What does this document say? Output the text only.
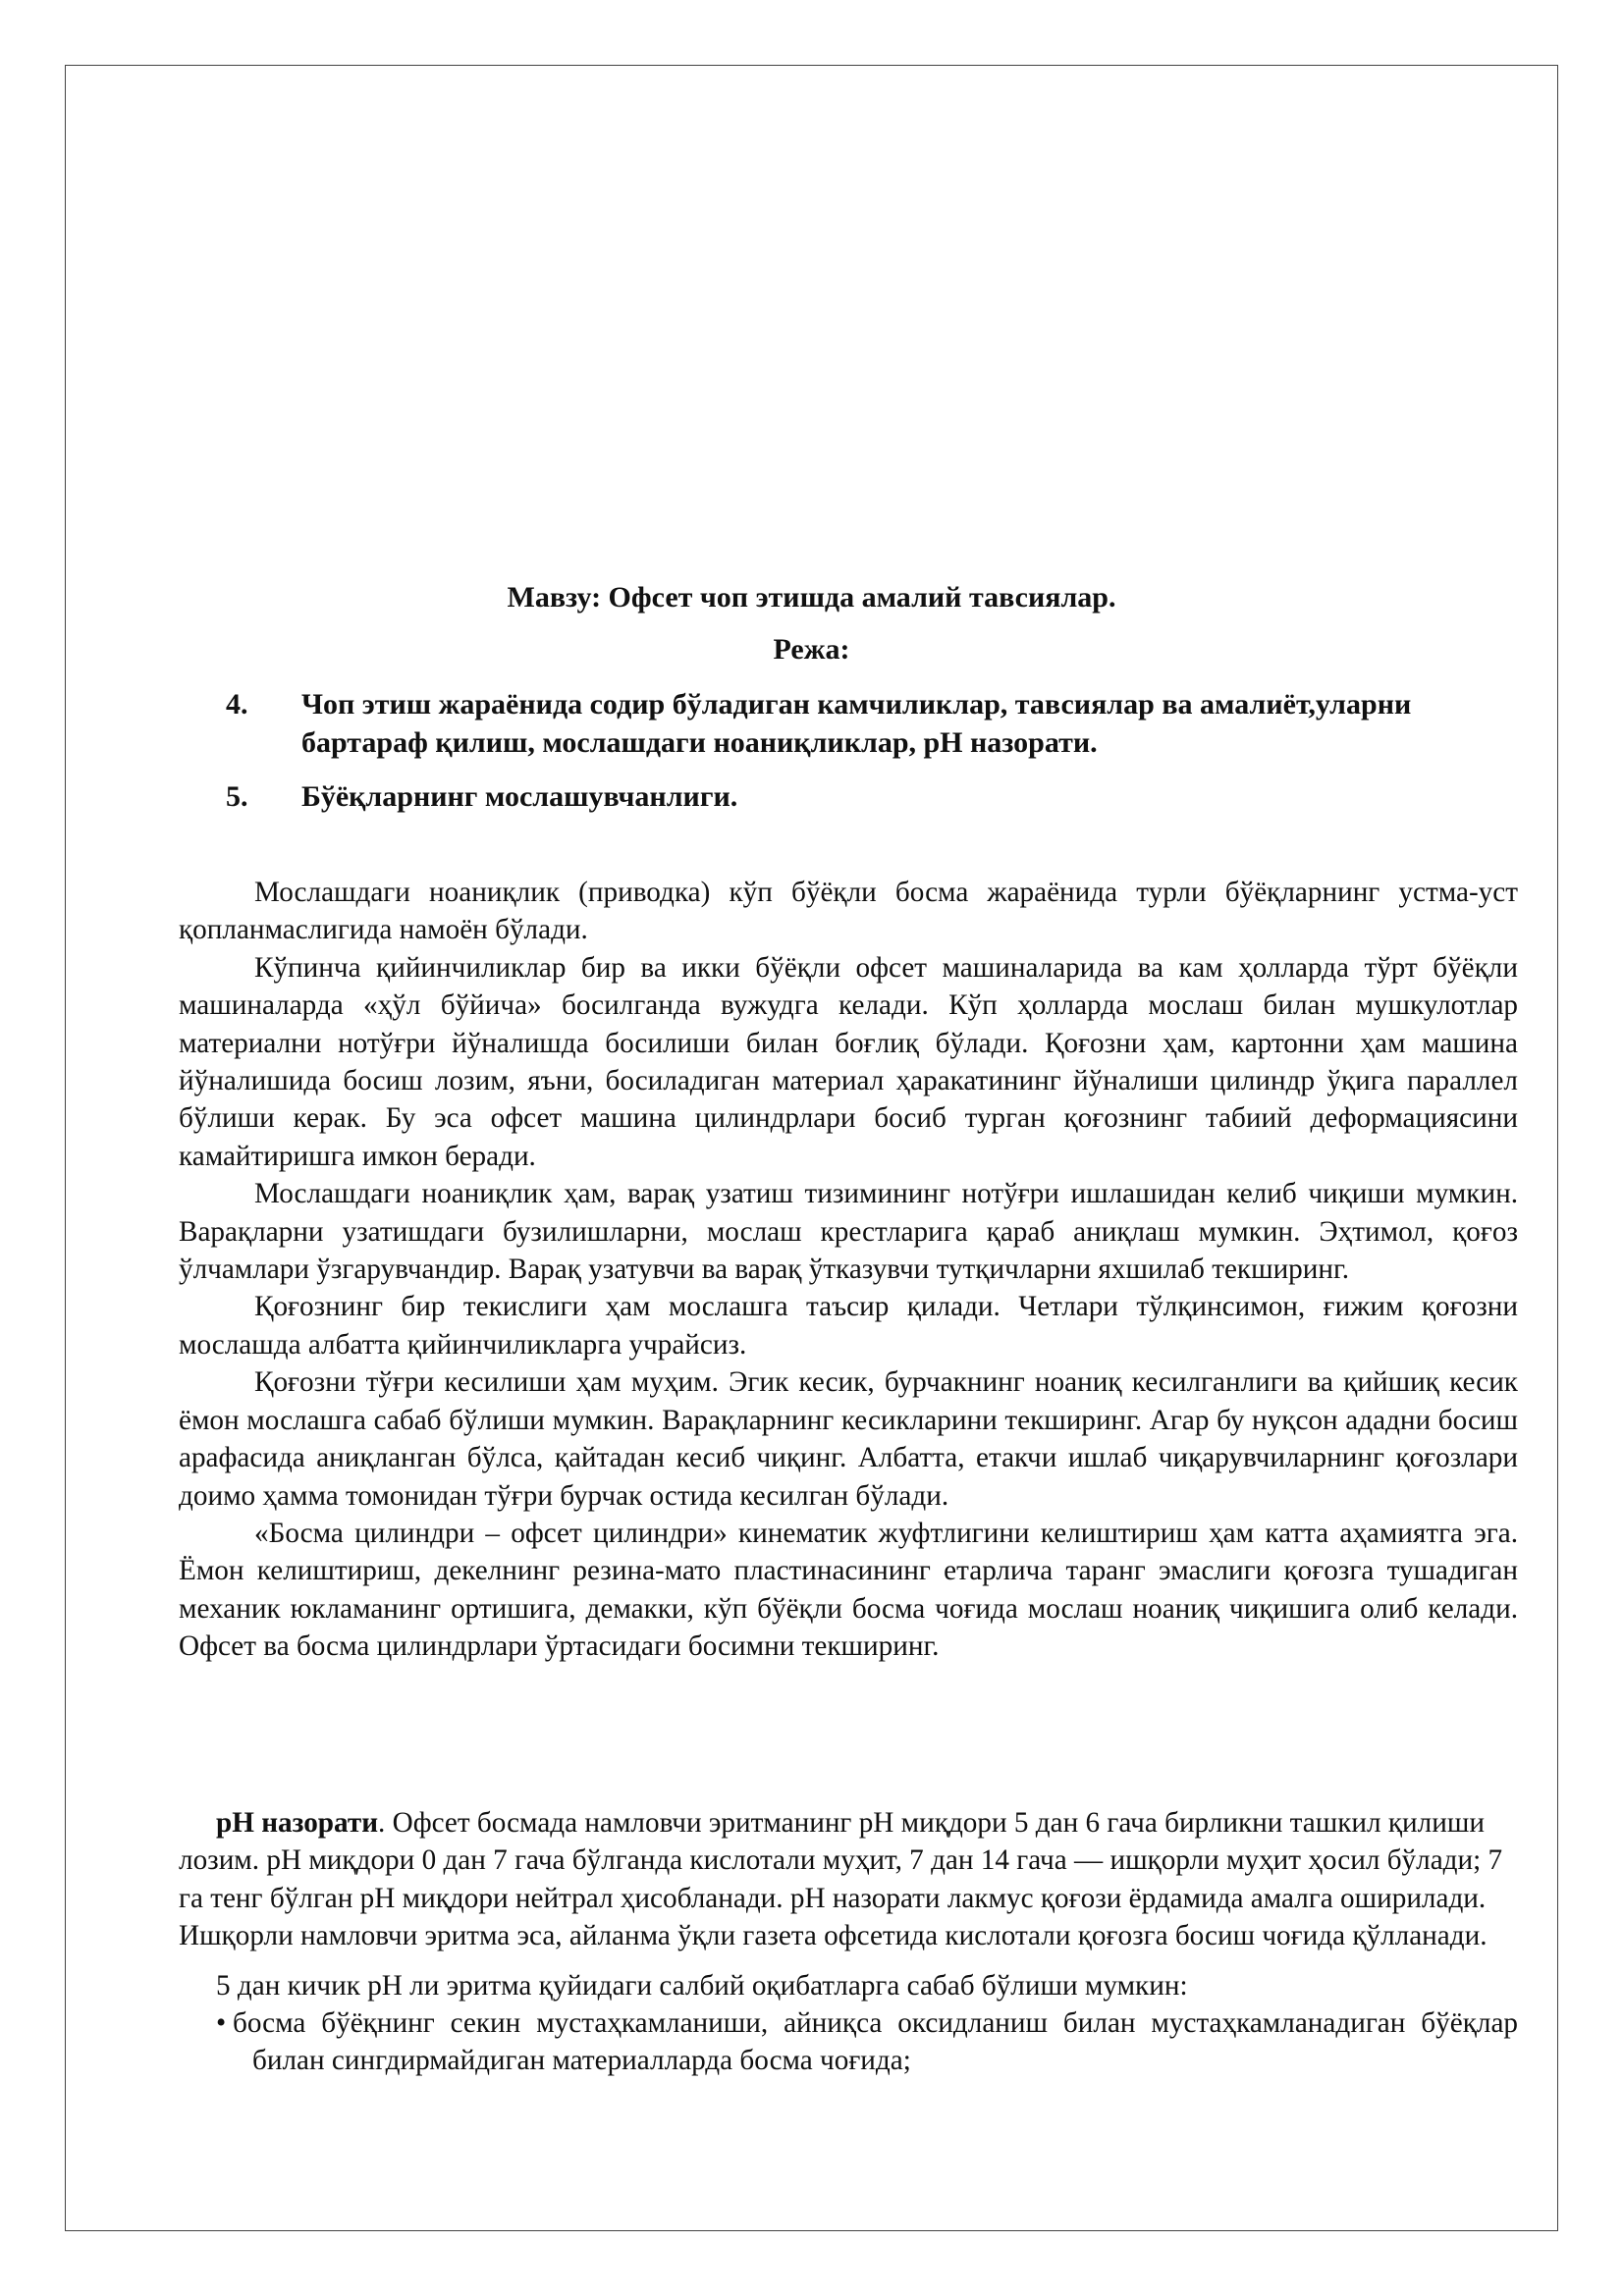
Мавзу: Офсет чоп этишда амалий тавсиялар.
Режа:
4.	Чоп этиш жараёнида содир бўладиган камчиликлар, тавсиялар ва амалиёт,уларни бартараф қилиш, мослашдаги ноаниқликлар, pH назорати.
5.	Бўёқларнинг мослашувчанлиги.

Мослашдаги ноаниқлик (приводка) кўп бўёқли босма жараёнида турли бўёқларнинг устма-уст қопланмаслигида намоён бўлади.

Кўпинча қийинчиликлар бир ва икки бўёқли офсет машиналарида ва кам ҳолларда тўрт бўёқли машиналарда «ҳўл бўйича» босилганда вужудга келади. Кўп ҳолларда мослаш билан мушкулотлар материални нотўғри йўналишда босилиши билан боғлиқ бўлади. Қоғозни ҳам, картонни ҳам машина йўналишида босиш лозим, яъни, босиладиган материал ҳаракатининг йўналиши цилиндр ўқига параллел бўлиши керак. Бу эса офсет машина цилиндрлари босиб турган қоғознинг табиий деформациясини камайтиришга имкон беради.

Мослашдаги ноаниқлик ҳам, варақ узатиш тизимининг нотўғри ишлашидан келиб чиқиши мумкин. Варақларни узатишдаги бузилишларни, мослаш крестларига қараб аниқлаш мумкин. Эҳтимол, қоғоз ўлчамлари ўзгарувчандир. Варақ узатувчи ва варақ ўтказувчи тутқичларни яхшилаб текширинг.

Қоғознинг бир текислиги ҳам мослашга таъсир қилади. Четлари тўлқинсимон, ғижим қоғозни мослашда албатта қийинчиликларга учрайсиз.

Қоғозни тўғри кесилиши ҳам муҳим. Эгик кесик, бурчакнинг ноаниқ кесилганлиги ва қийшиқ кесик ёмон мослашга сабаб бўлиши мумкин. Варақларнинг кесикларини текширинг. Агар бу нуқсон ададни босиш арафасида аниқланган бўлса, қайтадан кесиб чиқинг. Албатта, етакчи ишлаб чиқарувчиларнинг қоғозлари доимо ҳамма томонидан тўғри бурчак остида кесилган бўлади.

«Босма цилиндри – офсет цилиндри» кинематик жуфтлигини келиштириш ҳам катта аҳамиятга эга. Ёмон келиштириш, декелнинг резина-мато пластинасининг етарлича таранг эмаслиги қоғозга тушадиган механик юкламанинг ортишига, демакки, кўп бўёқли босма чоғида мослаш ноаниқ чиқишига олиб келади. Офсет ва босма цилиндрлари ўртасидаги босимни текширинг.

pH назорати. Офсет босмада намловчи эритманинг pH миқдори 5 дан 6 гача бирликни ташкил қилиши лозим. pH миқдори 0 дан 7 гача бўлганда кислотали муҳит, 7 дан 14 гача — ишқорли муҳит ҳосил бўлади; 7 га тенг бўлган pH миқдори нейтрал ҳисобланади. pH назорати лакмус қоғози ёрдамида амалга оширилади. Ишқорли намловчи эритма эса, айланма ўқли газета офсетида кислотали қоғозга босиш чоғида қўлланади.

5 дан кичик pH ли эритма қуйидаги салбий оқибатларга сабаб бўлиши мумкин:

• босма бўёқнинг секин мустаҳкамланиши, айниқса оксидланиш билан мустаҳкамланадиган бўёқлар билан сингдирмайдиган материалларда босма чоғида;
